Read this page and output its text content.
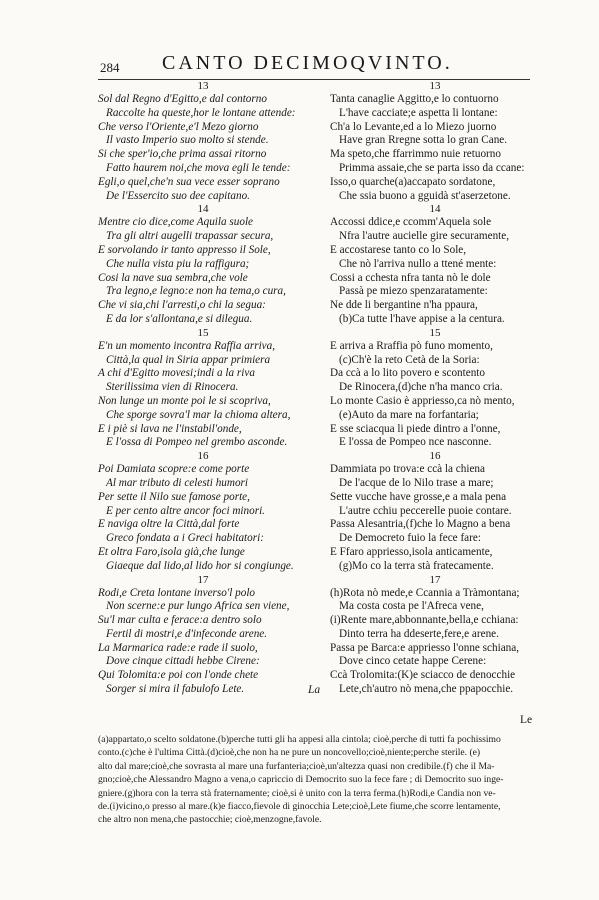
284 CANTO DECIMOQVINTO.
13
Sol dal Regno d'Egitto,e dal contorno
Raccolte ha queste,hor le lontane attende:
Che verso l'Oriente,e'l Mezo giorno
Il vasto Imperio suo molto si stende.
Si che sper'io,che prima assai ritorno
Fatto haurem noi,che mova egli le tende:
Egli,o quel,che'n sua vece esser soprano
De l'Essercito suo dee capitano.
14
Mentre cio dice,come Aquila suole
Tra gli altri augelli trapassar secura,
E sorvolando ir tanto appresso il Sole,
Che nulla vista piu la raffigura;
Cosi la nave sua sembra,che vole
Tra legno,e legno:e non ha tema,o cura,
Che vi sia,chi l'arresti,o chi la segua:
E da lor s'allontana,e si dilegua.
15
E'n un momento incontra Raffia arriva,
Città,la qual in Siria appar primiera
A chi d'Egitto movesi;indi a la riva
Sterilissima vien di Rinocera.
Non lunge un monte poi le si scopriva,
Che sporge sovra'l mar la chioma altera,
E i piè si lava ne l'instabil'onde,
E l'ossa di Pompeo nel grembo asconde.
16
Poi Damiata scopre:e come porte
Al mar tributo di celesti humori
Per sette il Nilo sue famose porte,
E per cento altre ancor foci minori.
E naviga oltre la Città,dal forte
Greco fondata a i Greci habitatori:
Et oltra Faro,isola già,che lunge
Giaeque dal lido,al lido hor si congiunge.
17
Rodi,e Creta lontane inverso'l polo
Non scerne:e pur lungo Africa sen viene,
Su'l mar culta e ferace:a dentro solo
Fertil di mostri,e d'infeconde arene.
La Marmarica rade:e rade il suolo,
Dove cinque cittadi hebbe Cirene:
Qui Tolomita:e poi con l'onde chete
Sorger si mira il fabulofo Lete.
13
Tanta canaglie Aggitto,e lo contuorno
L'have cacciate;e aspetta li lontane:
Ch'a lo Levante,ed a lo Miezo juorno
Have gran Rregne sotta lo gran Cane.
Ma speto,che ffarrimmo nuie retuorno
Primma assaie,che se parta isso da ccane:
Isso,o quarche(a)accapato sordatone,
Che ssia buono a gguidà st'aserzetone.
14
Accossi ddice,e ccomm'Aquela sole
Nfra l'autre aucielle gire securamente,
E accostarese tanto co lo Sole,
Che nò l'arriva nullo a ttené mente:
Cossi a cchesta nfra tanta nò le dole
Passà pe miezo spenzaratamente:
Ne dde li bergantine n'ha ppaura,
(b)Ca tutte l'have appise a la centura.
15
E arriva a Rraffia pò funo momento,
(c)Ch'è la reto Cetà de la Soria:
Da ccà a lo lito povero e scontento
De Rinocera,(d)che n'ha manco cria.
Lo monte Casio è appriesso,ca nò mento,
(e)Auto da mare na forfantaria;
E sse sciacqua li piede dintro a l'onne,
E l'ossa de Pompeo nce nasconne.
16
Dammiata po trova:e ccà la chiena
De l'acque de lo Nilo trase a mare;
Sette vucche have grosse,e a mala pena
L'autre cchiu peccerelle puoie contare.
Passa Alesantria,(f)che lo Magno a bena
De Democreto fuio la fece fare:
E Ffaro appriesso,isola anticamente,
(g)Mo co la terra stà fratecamente.
17
(h)Rota nò mede,e Ccannia a Tràmontana;
Ma costa costa pe l'Afreca vene,
(i)Rente mare,abbonnante,bella,e cchiana:
Dinto terra ha ddeserte,fere,e arene.
Passa pe Barca:e appriesso l'onne schiana,
Dove cinco cetate happe Cerene:
Ccà Trolomita:(K)e sciacco de denocchie
Lete,ch'autro nò mena,che ppapocchie.
La
Le
(a)appartato,o scelto soldatone.(b)perche tutti gli ha appesi alla cintola; cioè,perche di tutti fa pochissimo
conto.(c)che è l'ultima Città.(d)cioè,che non ha ne pure un noncovello;cioè,niente;perche sterile. (e)
alto dal mare;cioè,che sovrasta al mare una furfanteria;cioè,un'altezza quasi non credibile.(f) che il Ma-
gno;cioè,che Alessandro Magno a vena,o capriccio di Democrito suo la fece fare ; di Democrito suo inge-
gniere.(g)hora con la terra stà fraternamente; cioè,si è unito con la terra ferma.(h)Rodi,e Candia non ve-
de.(i)vicino,o presso al mare.(k)e fiacco,fievole di ginocchia Lete;cioè,Lete fiume,che scorre lentamente,
che altro non mena,che pastocchie; cioè,menzogne,favole.
